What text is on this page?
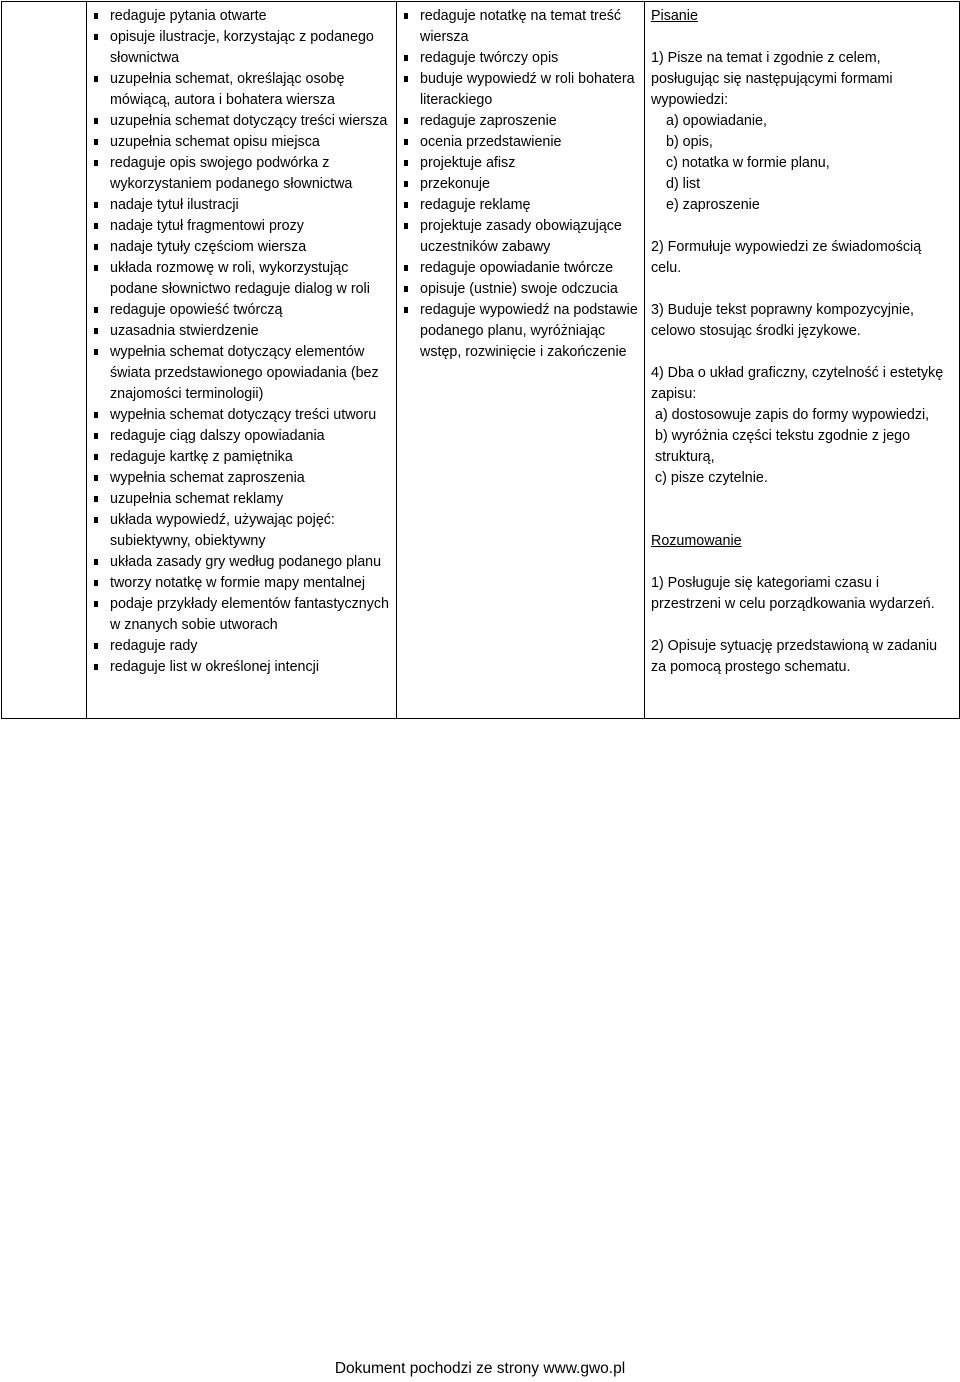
redaguje pytania otwarte
opisuje ilustracje, korzystając z podanego słownictwa
uzupełnia schemat, określając osobę mówiącą, autora i bohatera wiersza
uzupełnia schemat dotyczący treści wiersza
uzupełnia schemat opisu miejsca
redaguje opis swojego podwórka z wykorzystaniem podanego słownictwa
nadaje tytuł ilustracji
nadaje tytuł fragmentowi prozy
nadaje tytuły częściom wiersza
układa rozmowę w roli, wykorzystując podane słownictwo redaguje dialog w roli
redaguje opowieść twórczą
uzasadnia stwierdzenie
wypełnia schemat dotyczący elementów świata przedstawionego opowiadania (bez znajomości terminologii)
wypełnia schemat dotyczący treści utworu
redaguje ciąg dalszy opowiadania
redaguje kartkę z pamiętnika
wypełnia schemat zaproszenia
uzupełnia schemat reklamy
układa wypowiedź, używając pojęć: subiektywny, obiektywny
układa zasady gry według podanego planu
tworzy notatkę w formie mapy mentalnej
podaje przykłady elementów fantastycznych w znanych sobie utworach
redaguje rady
redaguje list w określonej intencji

redaguje notatkę na temat treść wiersza
redaguje twórczy opis
buduje wypowiedź w roli bohatera literackiego
redaguje zaproszenie
ocenia przedstawienie
projektuje afisz
przekonuje
redaguje reklamę
projektuje zasady obowiązujące uczestników zabawy
redaguje opowiadanie twórcze
opisuje (ustnie) swoje odczucia
redaguje wypowiedź na podstawie podanego planu, wyróżniając wstęp, rozwinięcie i zakończenie

Pisanie
1) Pisze na temat i zgodnie z celem, posługując się następującymi formami wypowiedzi:
a) opowiadanie,
b) opis,
c) notatka w formie planu,
d) list
e) zaproszenie
2) Formułuje wypowiedzi ze świadomością celu.
3) Buduje tekst poprawny kompozycyjnie, celowo stosując środki językowe.
4) Dba o układ graficzny, czytelność i estetykę zapisu:
a) dostosowuje zapis do formy wypowiedzi,
b) wyróżnia części tekstu zgodnie z jego strukturą,
c) pisze czytelnie.
Rozumowanie
1) Posługuje się kategoriami czasu i przestrzeni w celu porządkowania wydarzeń.
2) Opisuje sytuację przedstawioną w zadaniu za pomocą prostego schematu.
Dokument pochodzi ze strony www.gwo.pl
